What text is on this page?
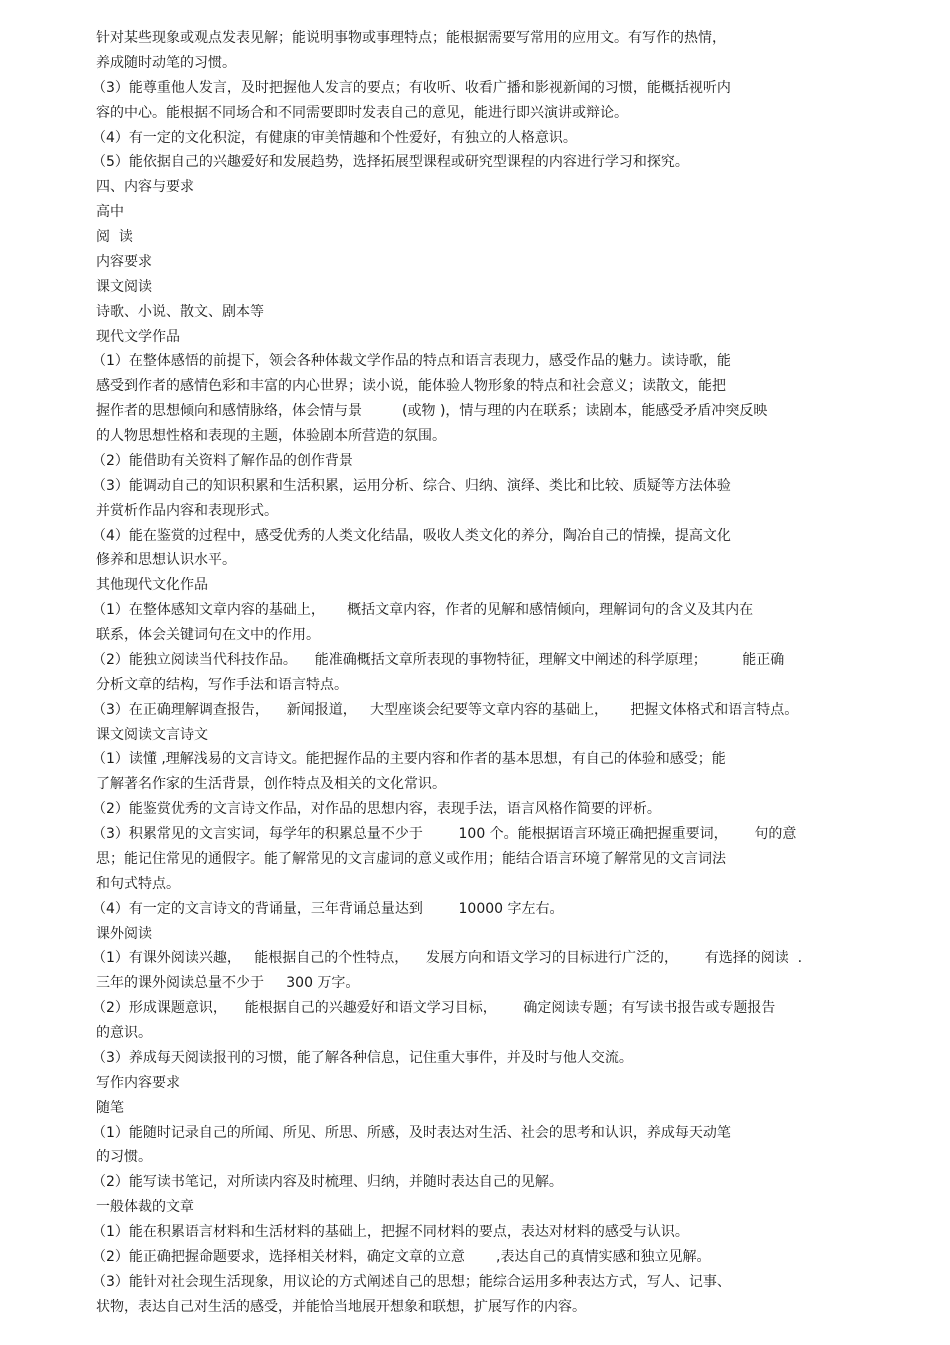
针对某些现象或观点发表见解；能说明事物或事理特点；能根据需要写常用的应用文。有写作的热情，
养成随时动笔的习惯。
（3）能尊重他人发言，及时把握他人发言的要点；有收听、收看广播和影视新闻的习惯，能概括视听内
容的中心。能根据不同场合和不同需要即时发表自己的意见，能进行即兴演讲或辩论。
（4）有一定的文化积淀，有健康的审美情趣和个性爱好，有独立的人格意识。
（5）能依据自己的兴趣爱好和发展趋势，选择拓展型课程或研究型课程的内容进行学习和探究。
四、内容与要求
高中
阅  读
内容要求
课文阅读
诗歌、小说、散文、剧本等
现代文学作品
（1）在整体感悟的前提下，领会各种体裁文学作品的特点和语言表现力，感受作品的魅力。读诗歌，能
感受到作者的感情色彩和丰富的内心世界；读小说，能体验人物形象的特点和社会意义；读散文，能把
握作者的思想倾向和感情脉络，体会情与景         (或物 )，情与理的内在联系；读剧本，能感受矛盾冲突反映
的人物思想性格和表现的主题，体验剧本所营造的氛围。
（2）能借助有关资料了解作品的创作背景
（3）能调动自己的知识积累和生活积累，运用分析、综合、归纳、演绎、类比和比较、质疑等方法体验
并赏析作品内容和表现形式。
（4）能在鉴赏的过程中，感受优秀的人类文化结晶，吸收人类文化的养分，陶冶自己的情操，提高文化
修养和思想认识水平。
其他现代文化作品
（1）在整体感知文章内容的基础上，     概括文章内容，作者的见解和感情倾向，理解词句的含义及其内在
联系，体会关键词句在文中的作用。
（2）能独立阅读当代科技作品。    能准确概括文章所表现的事物特征，理解文中阐述的科学原理；        能正确
分析文章的结构，写作手法和语言特点。
（3）在正确理解调查报告，    新闻报道，   大型座谈会纪要等文章内容的基础上，     把握文体格式和语言特点。
课文阅读文言诗文
（1）读懂 ,理解浅易的文言诗文。能把握作品的主要内容和作者的基本思想，有自己的体验和感受；能
了解著名作家的生活背景，创作特点及相关的文化常识。
（2）能鉴赏优秀的文言诗文作品，对作品的思想内容，表现手法，语言风格作简要的评析。
（3）积累常见的文言实词，每学年的积累总量不少于        100 个。能根据语言环境正确把握重要词，      句的意
思；能记住常见的通假字。能了解常见的文言虚词的意义或作用；能结合语言环境了解常见的文言词法
和句式特点。
（4）有一定的文言诗文的背诵量，三年背诵总量达到        10000 字左右。
课外阅读
（1）有课外阅读兴趣，   能根据自己的个性特点，    发展方向和语文学习的目标进行广泛的，      有选择的阅读  .
三年的课外阅读总量不少于     300 万字。
（2）形成课题意识，    能根据自己的兴趣爱好和语文学习目标，      确定阅读专题；有写读书报告或专题报告
的意识。
（3）养成每天阅读报刊的习惯，能了解各种信息，记住重大事件，并及时与他人交流。
写作内容要求
随笔
（1）能随时记录自己的所闻、所见、所思、所感，及时表达对生活、社会的思考和认识，养成每天动笔
的习惯。
（2）能写读书笔记，对所读内容及时梳理、归纳，并随时表达自己的见解。
一般体裁的文章
（1）能在积累语言材料和生活材料的基础上，把握不同材料的要点，表达对材料的感受与认识。
（2）能正确把握命题要求，选择相关材料，确定文章的立意       ,表达自己的真情实感和独立见解。
（3）能针对社会现生活现象，用议论的方式阐述自己的思想；能综合运用多种表达方式，写人、记事、
状物，表达自己对生活的感受，并能恰当地展开想象和联想，扩展写作的内容。
